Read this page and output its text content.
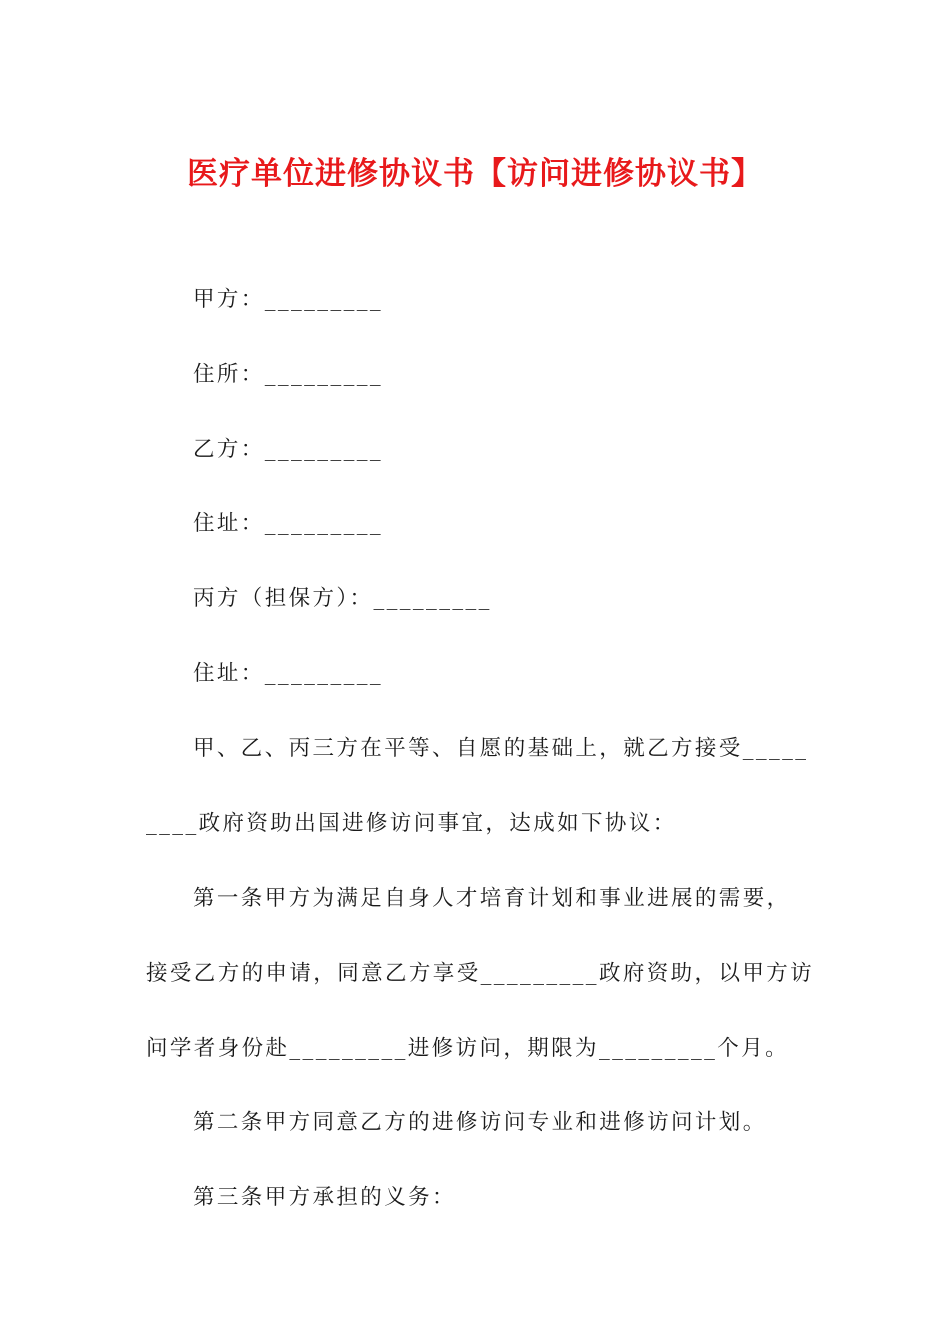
医疗单位进修协议书【访问进修协议书】
甲方：_________
住所：_________
乙方：_________
住址：_________
丙方（担保方）：_________
住址：_________
甲、乙、丙三方在平等、自愿的基础上，就乙方接受_____
____政府资助出国进修访问事宜，达成如下协议：
第一条甲方为满足自身人才培育计划和事业进展的需要，
接受乙方的申请，同意乙方享受_________政府资助，以甲方访
问学者身份赴_________进修访问，期限为_________个月。
第二条甲方同意乙方的进修访问专业和进修访问计划。
第三条甲方承担的义务：
